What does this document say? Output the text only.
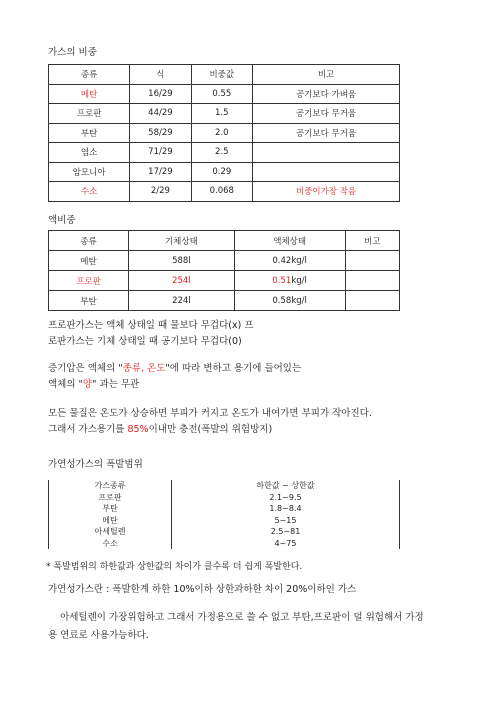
가스의 비중
종류	식	비중값	비고
메탄	16/29	0.55	공기보다 가벼움
프로판	44/29	1.5	공기보다 무거움
부탄	58/29	2.0	공기보다 무거움
염소	71/29	2.5	
암모니아	17/29	0.29	
수소	2/29	0.068	비중이가장 작음
액비중
종류	기체상태	액체상태	비고
메탄	588l	0.42kg/l	
프로판	254l	0.51kg/l	
부탄	224l	0.58kg/l	
프로판가스는 액체 상태일 때 물보다 무겁다(x) 프
로판가스는 기체 상태일 때 공기보다 무겁다(0)
증기압은 액체의 "종류, 온도"에 따라 변하고 용기에 들어있는
액체의 "양" 과는 무관
모든 물질은 온도가 상승하면 부피가 커지고 온도가 내여가면 부피가 작아진다.
그래서 가스용기를 85%이내만 충전(폭발의 위험방지)
가연성가스의 폭발범위
가스종류	하한값 ~ 상한값
프로판	2.1~9.5
부탄	1.8~8.4
메탄	5~15
아세틸렌	2.5~81
수소	4~75
* 폭발범위의 하한값과 상한값의 차이가 클수록 더 쉽게 폭발한다.
가연성가스란 : 폭발한계 하한 10%이하 상한과하한 차이 20%이하인 가스
아세틸렌이 가장위험하고 그래서 가정용으로 쓸 수 없고 부탄,프로판이 덜 위험해서 가정
용 연료로 사용가능하다.
